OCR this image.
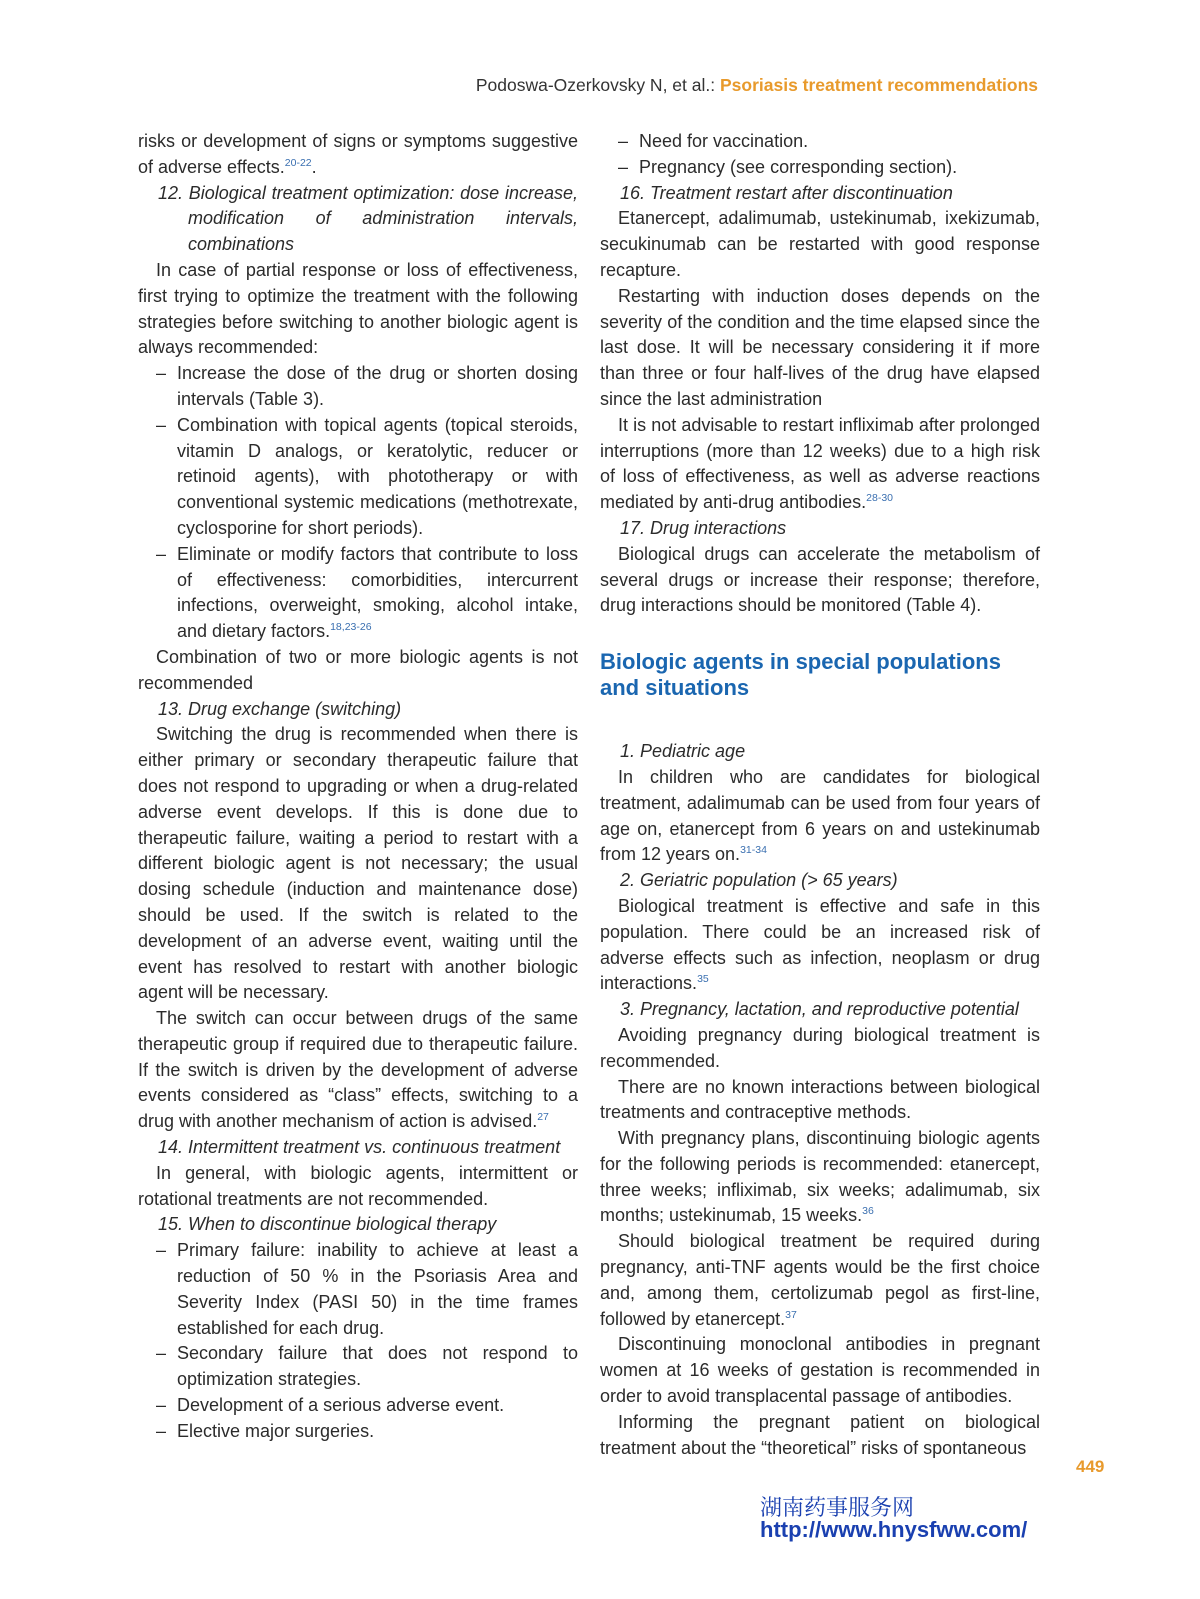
Podoswa-Ozerkovsky N, et al.: Psoriasis treatment recommendations

risks or development of signs or symptoms suggestive of adverse effects.$^{20-22}$.

12. Biological treatment optimization: dose increase, modification of administration intervals, combinations

In case of partial response or loss of effectiveness, first trying to optimize the treatment with the following strategies before switching to another biologic agent is always recommended:

– Increase the dose of the drug or shorten dosing intervals (Table 3).
– Combination with topical agents (topical steroids, vitamin D analogs, or keratolytic, reducer or retinoid agents), with phototherapy or with conventional systemic medications (methotrexate, cyclosporine for short periods).
– Eliminate or modify factors that contribute to loss of effectiveness: comorbidities, intercurrent infections, overweight, smoking, alcohol intake, and dietary factors.$^{18,23-26}$

Combination of two or more biologic agents is not recommended

13. Drug exchange (switching)

Switching the drug is recommended when there is either primary or secondary therapeutic failure that does not respond to upgrading or when a drug-related adverse event develops. If this is done due to therapeutic failure, waiting a period to restart with a different biologic agent is not necessary; the usual dosing schedule (induction and maintenance dose) should be used. If the switch is related to the development of an adverse event, waiting until the event has resolved to restart with another biologic agent will be necessary.

The switch can occur between drugs of the same therapeutic group if required due to therapeutic failure. If the switch is driven by the development of adverse events considered as “class” effects, switching to a drug with another mechanism of action is advised.$^{27}$

14. Intermittent treatment vs. continuous treatment

In general, with biologic agents, intermittent or rotational treatments are not recommended.

15. When to discontinue biological therapy

– Primary failure: inability to achieve at least a reduction of 50 % in the Psoriasis Area and Severity Index (PASI 50) in the time frames established for each drug.
– Secondary failure that does not respond to optimization strategies.
– Development of a serious adverse event.
– Elective major surgeries.
– Need for vaccination.
– Pregnancy (see corresponding section).

16. Treatment restart after discontinuation

Etanercept, adalimumab, ustekinumab, ixekizumab, secukinumab can be restarted with good response recapture.

Restarting with induction doses depends on the severity of the condition and the time elapsed since the last dose. It will be necessary considering it if more than three or four half-lives of the drug have elapsed since the last administration

It is not advisable to restart infliximab after prolonged interruptions (more than 12 weeks) due to a high risk of loss of effectiveness, as well as adverse reactions mediated by anti-drug antibodies.$^{28-30}$

17. Drug interactions

Biological drugs can accelerate the metabolism of several drugs or increase their response; therefore, drug interactions should be monitored (Table 4).

Biologic agents in special populations and situations

1. Pediatric age

In children who are candidates for biological treatment, adalimumab can be used from four years of age on, etanercept from 6 years on and ustekinumab from 12 years on.$^{31-34}$

2. Geriatric population (> 65 years)

Biological treatment is effective and safe in this population. There could be an increased risk of adverse effects such as infection, neoplasm or drug interactions.$^{35}$

3. Pregnancy, lactation, and reproductive potential

Avoiding pregnancy during biological treatment is recommended.

There are no known interactions between biological treatments and contraceptive methods.

With pregnancy plans, discontinuing biologic agents for the following periods is recommended: etanercept, three weeks; infliximab, six weeks; adalimumab, six months; ustekinumab, 15 weeks.$^{36}$

Should biological treatment be required during pregnancy, anti-TNF agents would be the first choice and, among them, certolizumab pegol as first-line, followed by etanercept.$^{37}$

Discontinuing monoclonal antibodies in pregnant women at 16 weeks of gestation is recommended in order to avoid transplacental passage of antibodies.

Informing the pregnant patient on biological treatment about the “theoretical” risks of spontaneous

449
湖南药事服务网
http://www.hnysfww.com/
